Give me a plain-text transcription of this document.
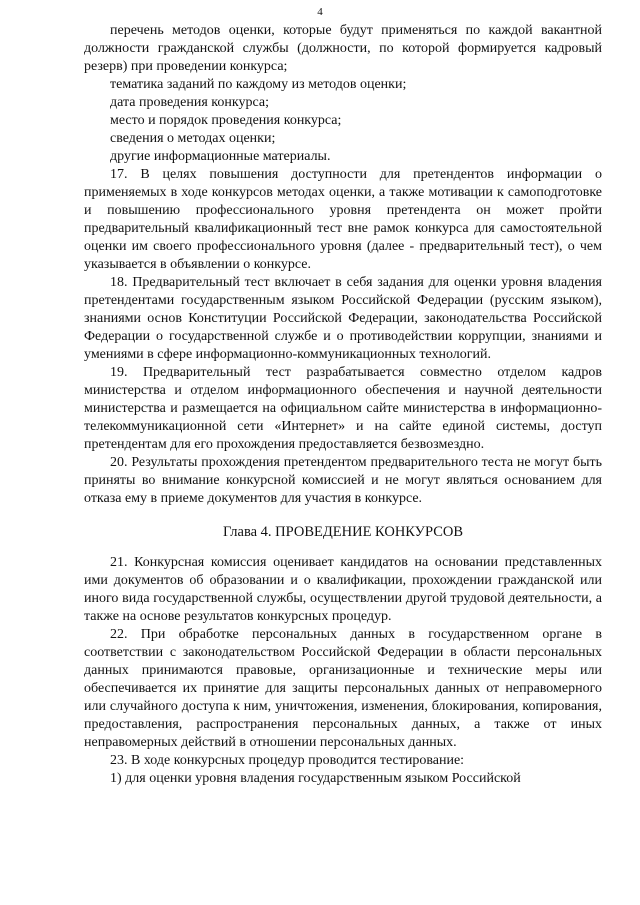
4

перечень методов оценки, которые будут применяться по каждой вакантной должности гражданской службы (должности, по которой формируется кадровый резерв) при проведении конкурса;

тематика заданий по каждому из методов оценки;

дата проведения конкурса;

место и порядок проведения конкурса;

сведения о методах оценки;

другие информационные материалы.

17. В целях повышения доступности для претендентов информации о применяемых в ходе конкурсов методах оценки, а также мотивации к самоподготовке и повышению профессионального уровня претендента он может пройти предварительный квалификационный тест вне рамок конкурса для самостоятельной оценки им своего профессионального уровня (далее - предварительный тест), о чем указывается в объявлении о конкурсе.

18. Предварительный тест включает в себя задания для оценки уровня владения претендентами государственным языком Российской Федерации (русским языком), знаниями основ Конституции Российской Федерации, законодательства Российской Федерации о государственной службе и о противодействии коррупции, знаниями и умениями в сфере информационно-коммуникационных технологий.

19. Предварительный тест разрабатывается совместно отделом кадров министерства и отделом информационного обеспечения и научной деятельности министерства и размещается на официальном сайте министерства в информационно-телекоммуникационной сети «Интернет» и на сайте единой системы, доступ претендентам для его прохождения предоставляется безвозмездно.

20. Результаты прохождения претендентом предварительного теста не могут быть приняты во внимание конкурсной комиссией и не могут являться основанием для отказа ему в приеме документов для участия в конкурсе.

Глава 4. ПРОВЕДЕНИЕ КОНКУРСОВ

21. Конкурсная комиссия оценивает кандидатов на основании представленных ими документов об образовании и о квалификации, прохождении гражданской или иного вида государственной службы, осуществлении другой трудовой деятельности, а также на основе результатов конкурсных процедур.

22. При обработке персональных данных в государственном органе в соответствии с законодательством Российской Федерации в области персональных данных принимаются правовые, организационные и технические меры или обеспечивается их принятие для защиты персональных данных от неправомерного или случайного доступа к ним, уничтожения, изменения, блокирования, копирования, предоставления, распространения персональных данных, а также от иных неправомерных действий в отношении персональных данных.

23. В ходе конкурсных процедур проводится тестирование:

1) для оценки уровня владения государственным языком Российской
